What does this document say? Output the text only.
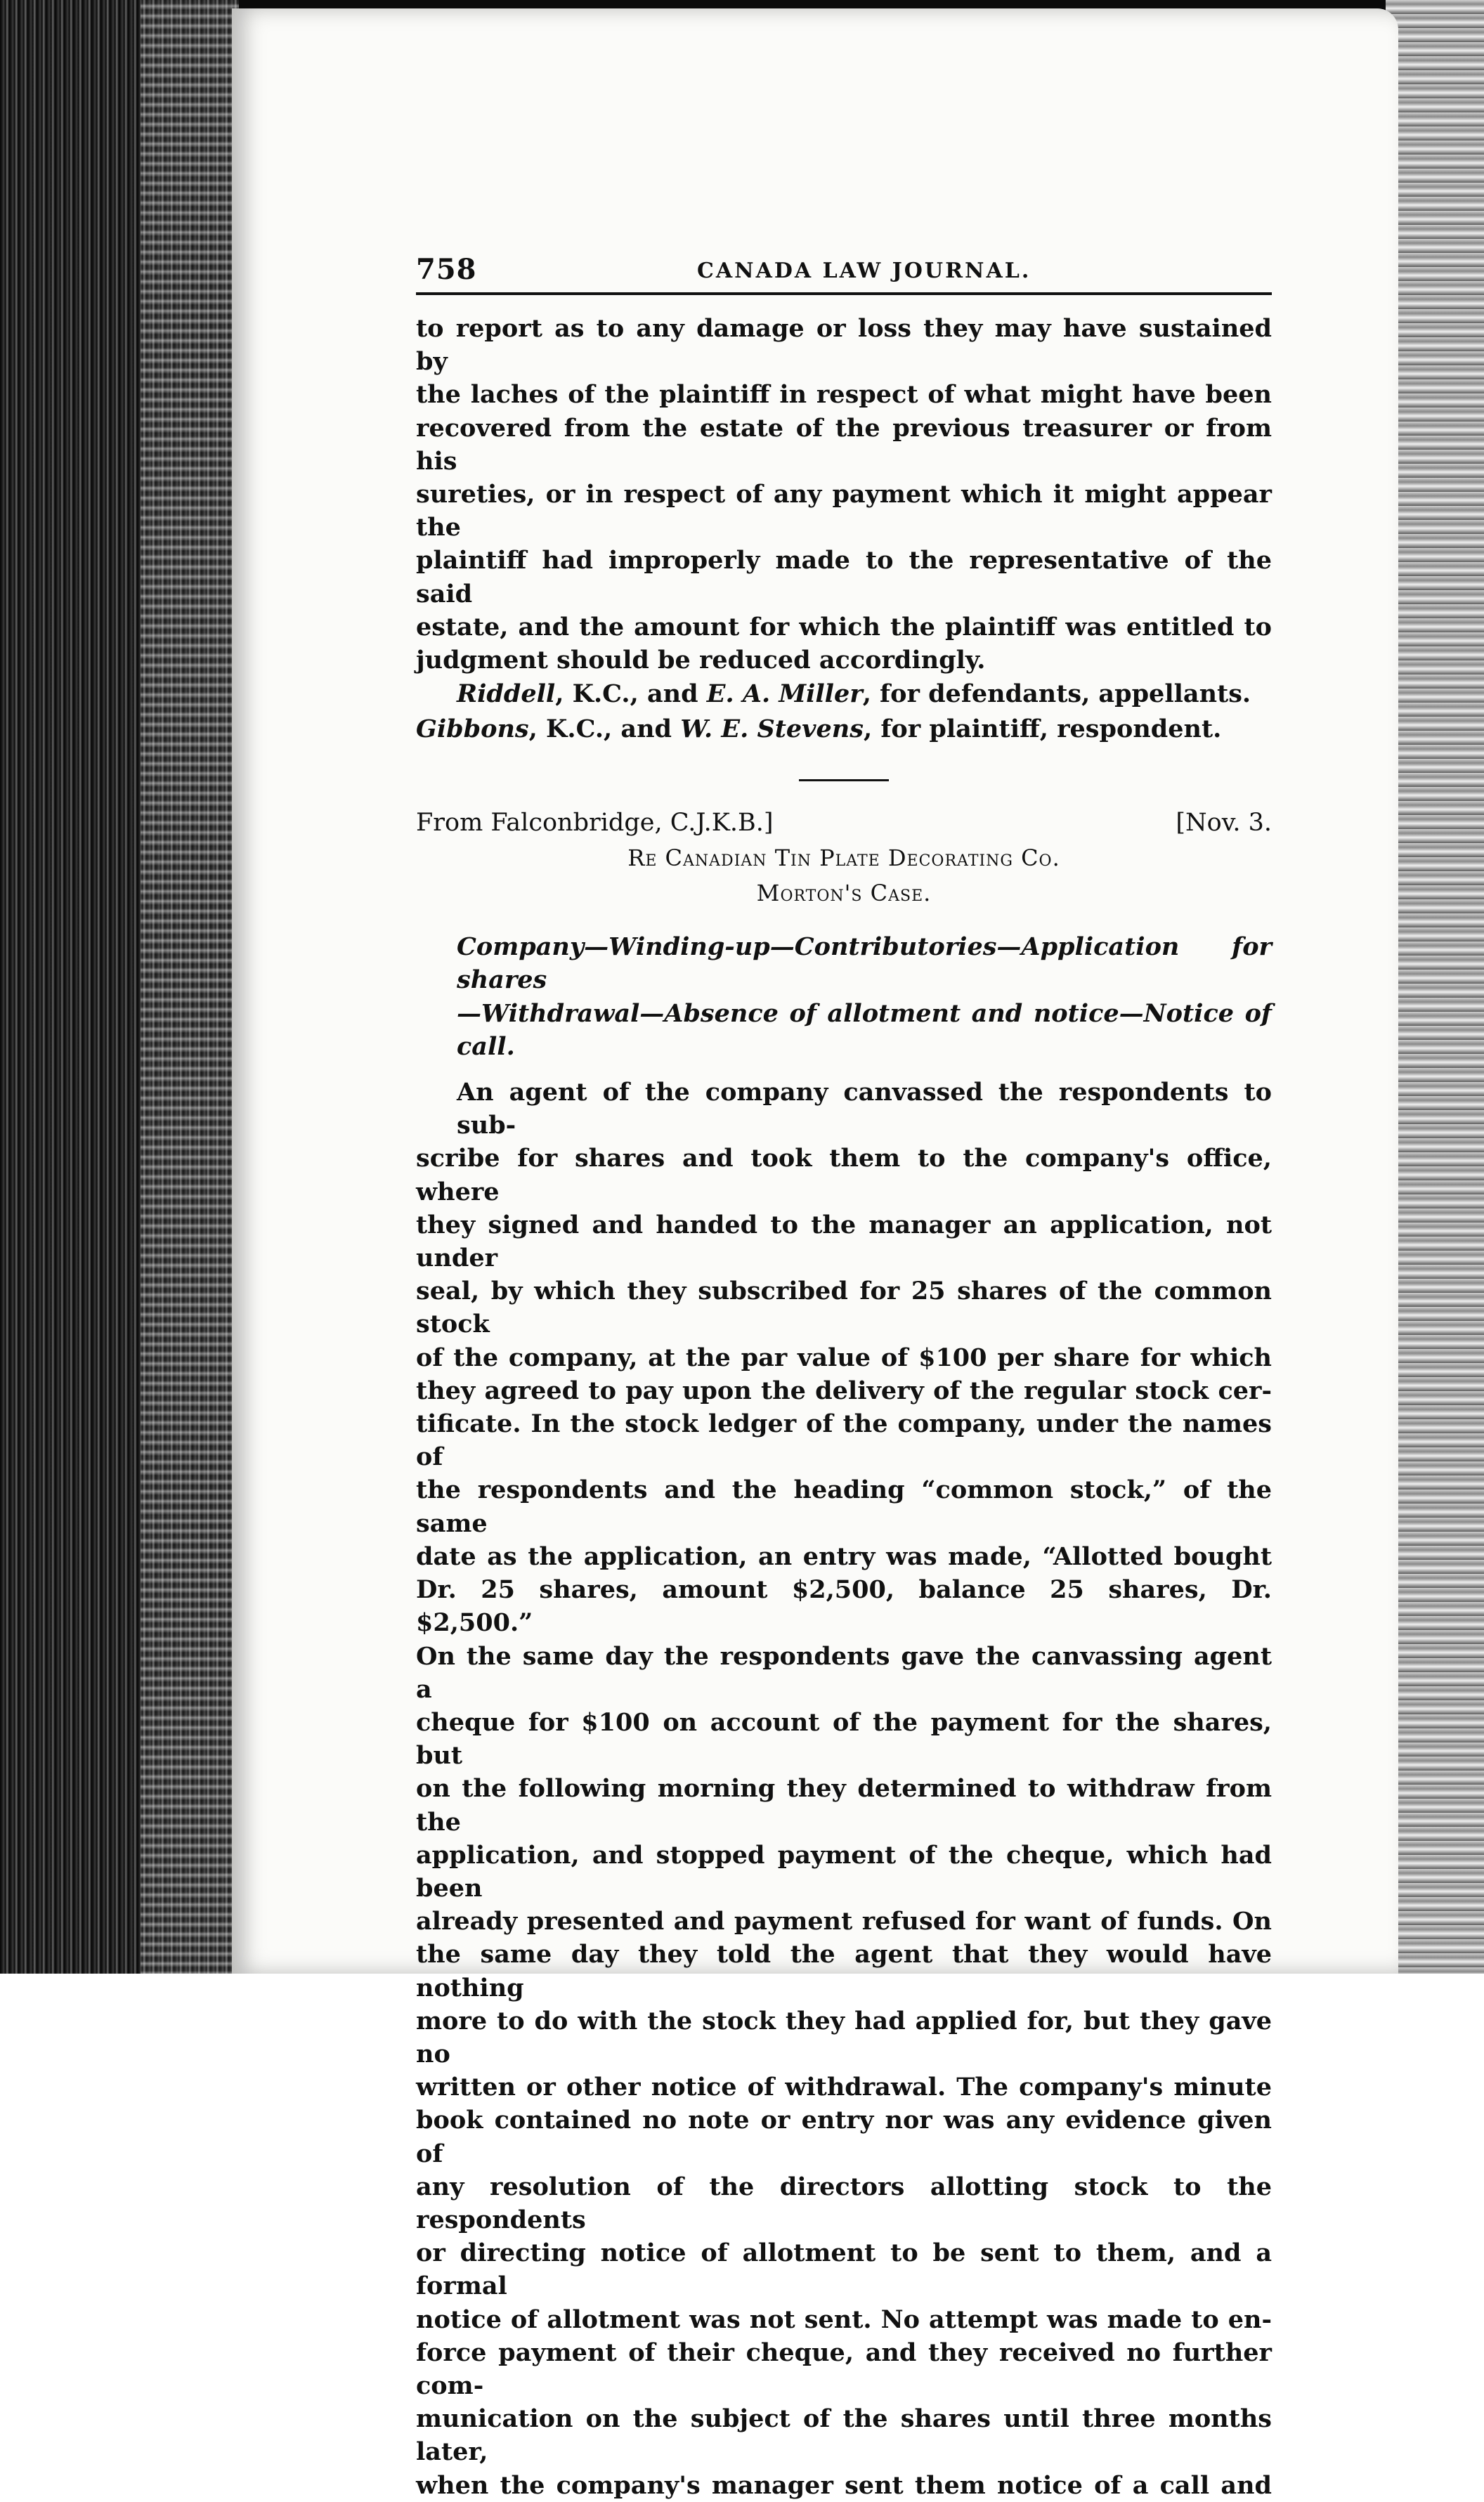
758	CANADA LAW JOURNAL.

to report as to any damage or loss they may have sustained by
the laches of the plaintiff in respect of what might have been
recovered from the estate of the previous treasurer or from his
sureties, or in respect of any payment which it might appear the
plaintiff had improperly made to the representative of the said
estate, and the amount for which the plaintiff was entitled to
judgment should be reduced accordingly.

Riddell, K.C., and E. A. Miller, for defendants, appellants.

Gibbons, K.C., and W. E. Stevens, for plaintiff, respondent.

From Falconbridge, C.J.K.B.]	[Nov. 3.
Re Canadian Tin Plate Decorating Co.
Morton's Case.

Company—Winding-up—Contributories—Application for shares
—Withdrawal—Absence of allotment and notice—Notice of
call.

An agent of the company canvassed the respondents to sub-
scribe for shares and took them to the company's office, where
they signed and handed to the manager an application, not under
seal, by which they subscribed for 25 shares of the common stock
of the company, at the par value of $100 per share for which
they agreed to pay upon the delivery of the regular stock cer-
tificate. In the stock ledger of the company, under the names of
the respondents and the heading “common stock,” of the same
date as the application, an entry was made, “Allotted bought
Dr. 25 shares, amount $2,500, balance 25 shares, Dr. $2,500.”
On the same day the respondents gave the canvassing agent a
cheque for $100 on account of the payment for the shares, but
on the following morning they determined to withdraw from the
application, and stopped payment of the cheque, which had been
already presented and payment refused for want of funds. On
the same day they told the agent that they would have nothing
more to do with the stock they had applied for, but they gave no
written or other notice of withdrawal. The company's minute
book contained no note or entry nor was any evidence given of
any resolution of the directors allotting stock to the respondents
or directing notice of allotment to be sent to them, and a formal
notice of allotment was not sent. No attempt was made to en-
force payment of their cheque, and they received no further com-
munication on the subject of the shares until three months later,
when the company's manager sent them notice of a call and
